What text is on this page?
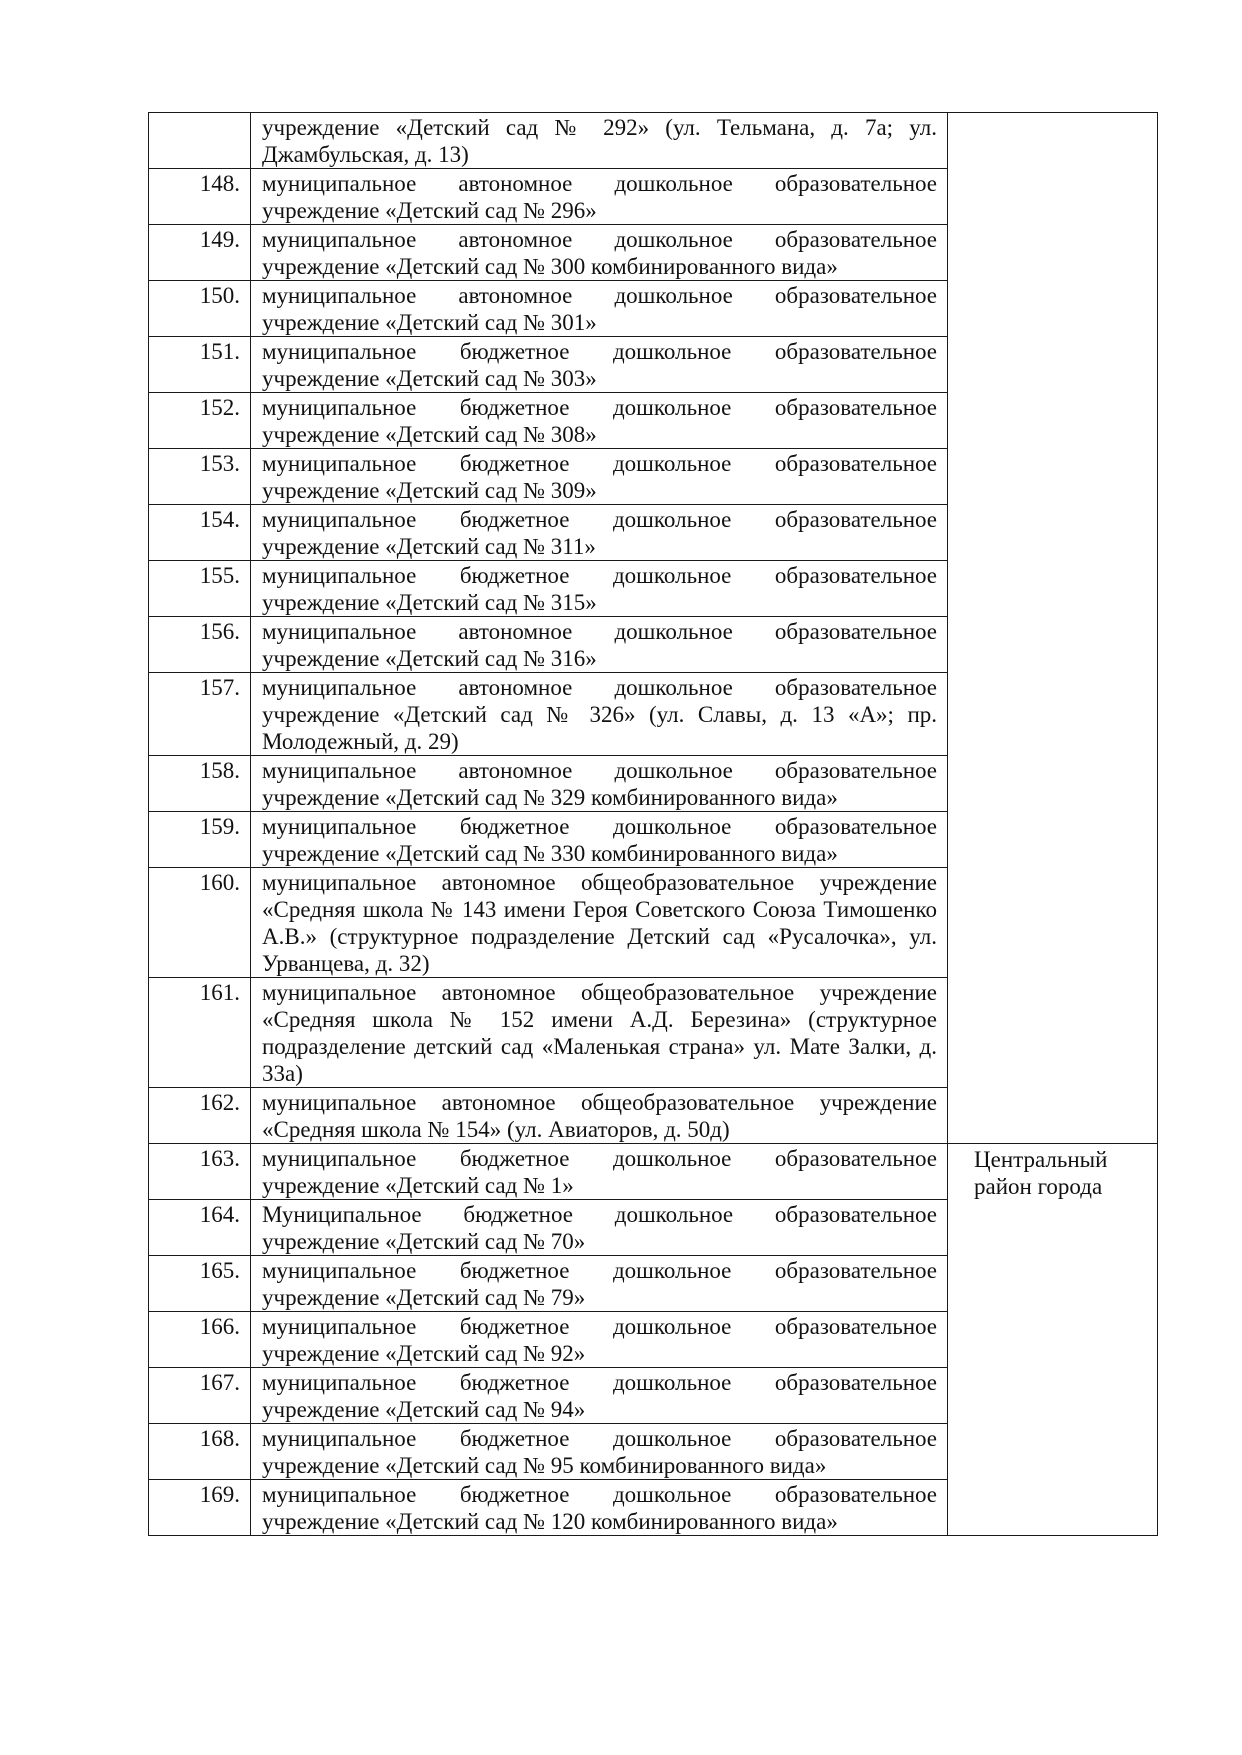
	учреждение «Детский сад № 292» (ул. Тельмана, д. 7а; ул. Джамбульская, д. 13)	
148.	муниципальное автономное дошкольное образовательное учреждение «Детский сад № 296»	
149.	муниципальное автономное дошкольное образовательное учреждение «Детский сад № 300 комбинированного вида»	
150.	муниципальное автономное дошкольное образовательное учреждение «Детский сад № 301»	
151.	муниципальное бюджетное дошкольное образовательное учреждение «Детский сад № 303»	
152.	муниципальное бюджетное дошкольное образовательное учреждение «Детский сад № 308»	
153.	муниципальное бюджетное дошкольное образовательное учреждение «Детский сад № 309»	
154.	муниципальное бюджетное дошкольное образовательное учреждение «Детский сад № 311»	
155.	муниципальное бюджетное дошкольное образовательное учреждение «Детский сад № 315»	
156.	муниципальное автономное дошкольное образовательное учреждение «Детский сад № 316»	
157.	муниципальное автономное дошкольное образовательное учреждение «Детский сад № 326» (ул. Славы, д. 13 «А»; пр. Молодежный, д. 29)	
158.	муниципальное автономное дошкольное образовательное учреждение «Детский сад № 329 комбинированного вида»	
159.	муниципальное бюджетное дошкольное образовательное учреждение «Детский сад № 330 комбинированного вида»	
160.	муниципальное автономное общеобразовательное учреждение «Средняя школа № 143 имени Героя Советского Союза Тимошенко А.В.» (структурное подразделение Детский сад «Русалочка», ул. Урванцева, д. 32)	
161.	муниципальное автономное общеобразовательное учреждение «Средняя школа № 152 имени А.Д. Березина» (структурное подразделение детский сад «Маленькая страна» ул. Мате Залки, д. 33а)	
162.	муниципальное автономное общеобразовательное учреждение «Средняя школа № 154» (ул. Авиаторов, д. 50д)	
163.	муниципальное бюджетное дошкольное образовательное учреждение «Детский сад № 1»	Центральный район города
164.	Муниципальное бюджетное дошкольное образовательное учреждение «Детский сад № 70»	
165.	муниципальное бюджетное дошкольное образовательное учреждение «Детский сад № 79»	
166.	муниципальное бюджетное дошкольное образовательное учреждение «Детский сад № 92»	
167.	муниципальное бюджетное дошкольное образовательное учреждение «Детский сад № 94»	
168.	муниципальное бюджетное дошкольное образовательное учреждение «Детский сад № 95 комбинированного вида»	
169.	муниципальное бюджетное дошкольное образовательное учреждение «Детский сад № 120 комбинированного вида»	
